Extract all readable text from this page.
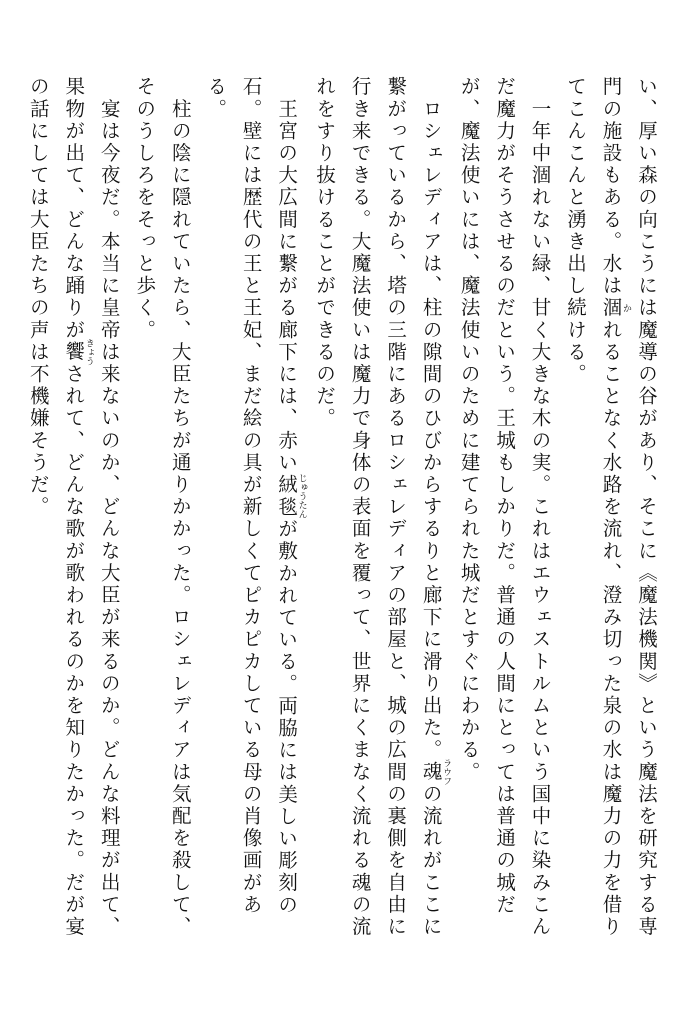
い、厚い森の向こうには魔導の谷があり、そこに《魔法機関》という魔法を研究する専門の施設もある。水は涸かれることなく水路を流れ、澄み切った泉の水は魔力の力を借りてこんこんと湧き出し続ける。

　一年中涸れない緑、甘く大きな木の実。これはエウェストルムという国中に染みこんだ魔力がそうさせるのだという。王城もしかりだ。普通の人間にとっては普通の城だが、魔法使いには、魔法使いのために建てられた城だとすぐにわかる。

　ロシェレディアは、柱の隙間のひびからするりと廊下に滑り出た。魂ラウフの流れがここに繋がっているから、塔の三階にあるロシェレディアの部屋と、城の広間の裏側を自由に行き来できる。大魔法使いは魔力で身体の表面を覆って、世界にくまなく流れる魂の流れをすり抜けることができるのだ。

　王宮の大広間に繋がる廊下には、赤い絨毯じゅうたんが敷かれている。両脇には美しい彫刻の石。壁には歴代の王と王妃、まだ絵の具が新しくてピカピカしている母の肖像画がある。

　柱の陰に隠れていたら、大臣たちが通りかかった。ロシェレディアは気配を殺して、そのうしろをそっと歩く。

　宴は今夜だ。本当に皇帝は来ないのか、どんな大臣が来るのか。どんな料理が出て、果物が出て、どんな踊りが饗きょうされて、どんな歌が歌われるのかを知りたかった。だが宴の話にしては大臣たちの声は不機嫌そうだ。
